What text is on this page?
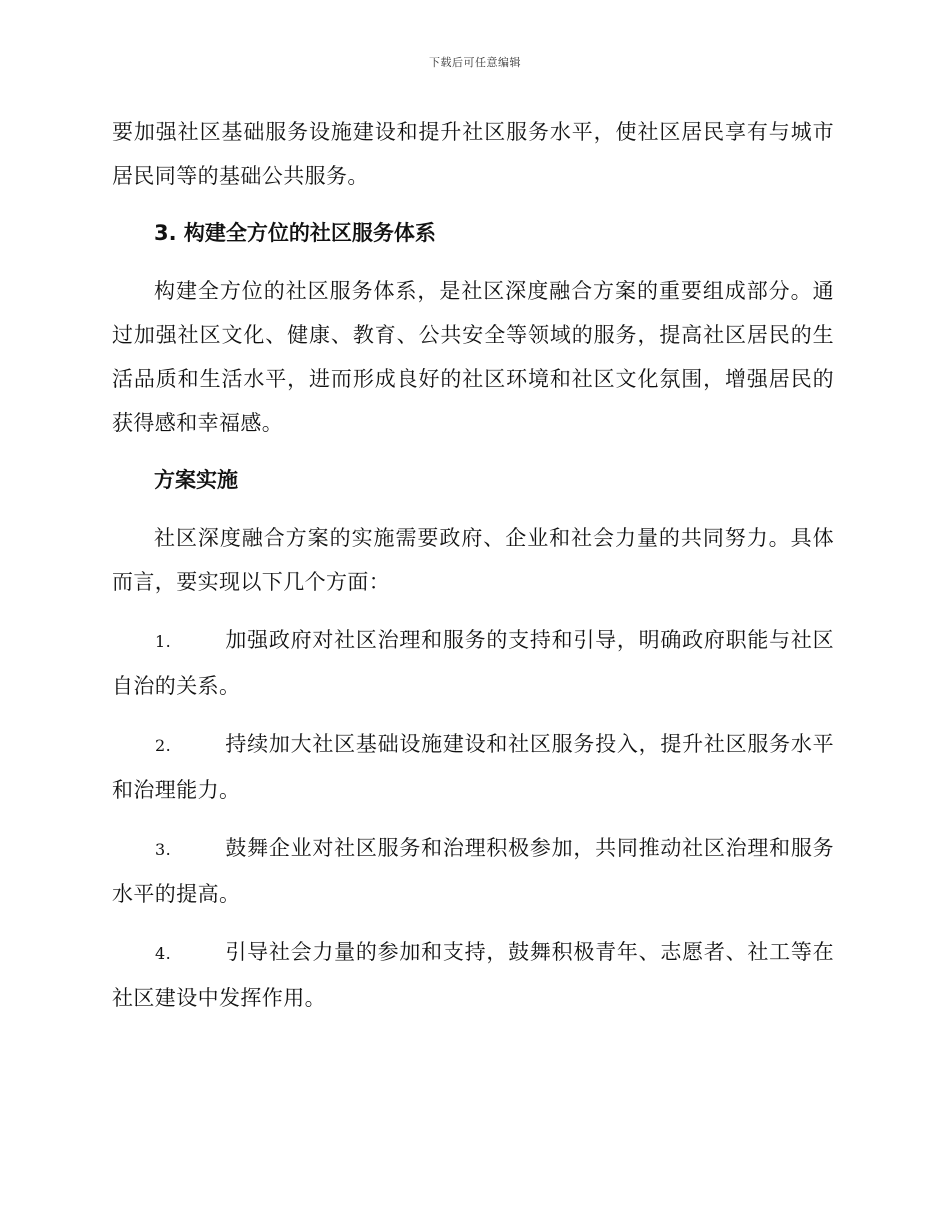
下载后可任意编辑

要加强社区基础服务设施建设和提升社区服务水平，使社区居民享有与城市居民同等的基础公共服务。

3. 构建全方位的社区服务体系

构建全方位的社区服务体系，是社区深度融合方案的重要组成部分。通过加强社区文化、健康、教育、公共安全等领域的服务，提高社区居民的生活品质和生活水平，进而形成良好的社区环境和社区文化氛围，增强居民的获得感和幸福感。

方案实施

社区深度融合方案的实施需要政府、企业和社会力量的共同努力。具体而言，要实现以下几个方面：

1.	加强政府对社区治理和服务的支持和引导，明确政府职能与社区自治的关系。

2.	持续加大社区基础设施建设和社区服务投入，提升社区服务水平和治理能力。

3.	鼓舞企业对社区服务和治理积极参加，共同推动社区治理和服务水平的提高。

4.	引导社会力量的参加和支持，鼓舞积极青年、志愿者、社工等在社区建设中发挥作用。
